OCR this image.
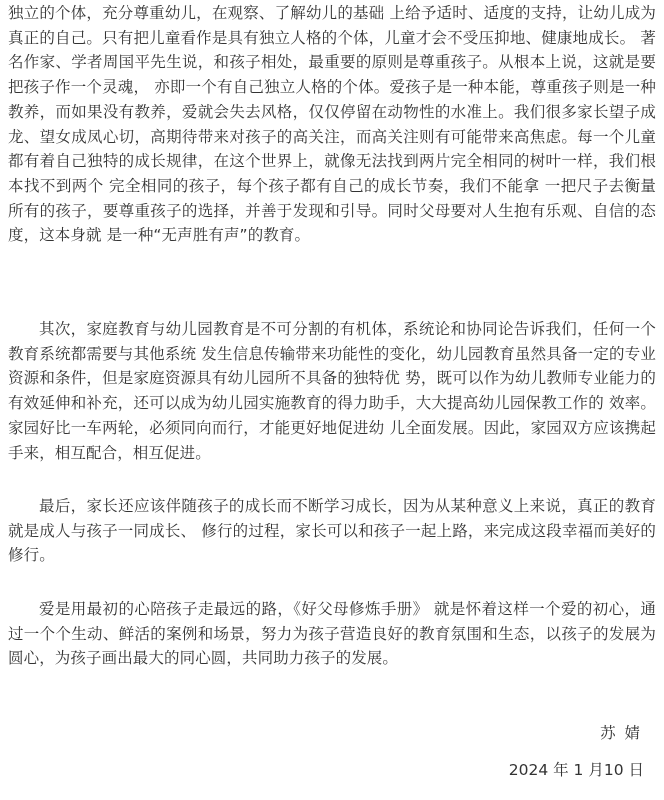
独立的个体，充分尊重幼儿，在观察、了解幼儿的基础 上给予适时、适度的支持，让幼儿成为真正的自己。只有把儿童看作是具有独立人格的个体，儿童才会不受压抑地、健康地成长。 著名作家、学者周国平先生说，和孩子相处，最重要的原则是尊重孩子。从根本上说，这就是要把孩子作一个灵魂， 亦即一个有自己独立人格的个体。爱孩子是一种本能，尊重孩子则是一种教养，而如果没有教养，爱就会失去风格，仅仅停留在动物性的水准上。我们很多家长望子成龙、望女成凤心切，高期待带来对孩子的高关注，而高关注则有可能带来高焦虑。每一个儿童都有着自己独特的成长规律，在这个世界上，就像无法找到两片完全相同的树叶一样，我们根本找不到两个 完全相同的孩子，每个孩子都有自己的成长节奏，我们不能拿 一把尺子去衡量所有的孩子，要尊重孩子的选择，并善于发现和引导。同时父母要对人生抱有乐观、自信的态度，这本身就 是一种“无声胜有声”的教育。

其次，家庭教育与幼儿园教育是不可分割的有机体，系统论和协同论告诉我们，任何一个教育系统都需要与其他系统 发生信息传输带来功能性的变化，幼儿园教育虽然具备一定的专业资源和条件，但是家庭资源具有幼儿园所不具备的独特优 势，既可以作为幼儿教师专业能力的有效延伸和补充，还可以成为幼儿园实施教育的得力助手，大大提高幼儿园保教工作的 效率。家园好比一车两轮，必须同向而行，才能更好地促进幼 儿全面发展。因此，家园双方应该携起手来，相互配合，相互促进。

最后，家长还应该伴随孩子的成长而不断学习成长，因为从某种意义上来说，真正的教育就是成人与孩子一同成长、 修行的过程，家长可以和孩子一起上路，来完成这段幸福而美好的修行。

爱是用最初的心陪孩子走最远的路，《好父母修炼手册》 就是怀着这样一个爱的初心，通过一个个生动、鲜活的案例和场景，努力为孩子营造良好的教育氛围和生态，以孩子的发展为圆心，为孩子画出最大的同心圆，共同助力孩子的发展。

苏 婧
2024 年 1 月10 日
